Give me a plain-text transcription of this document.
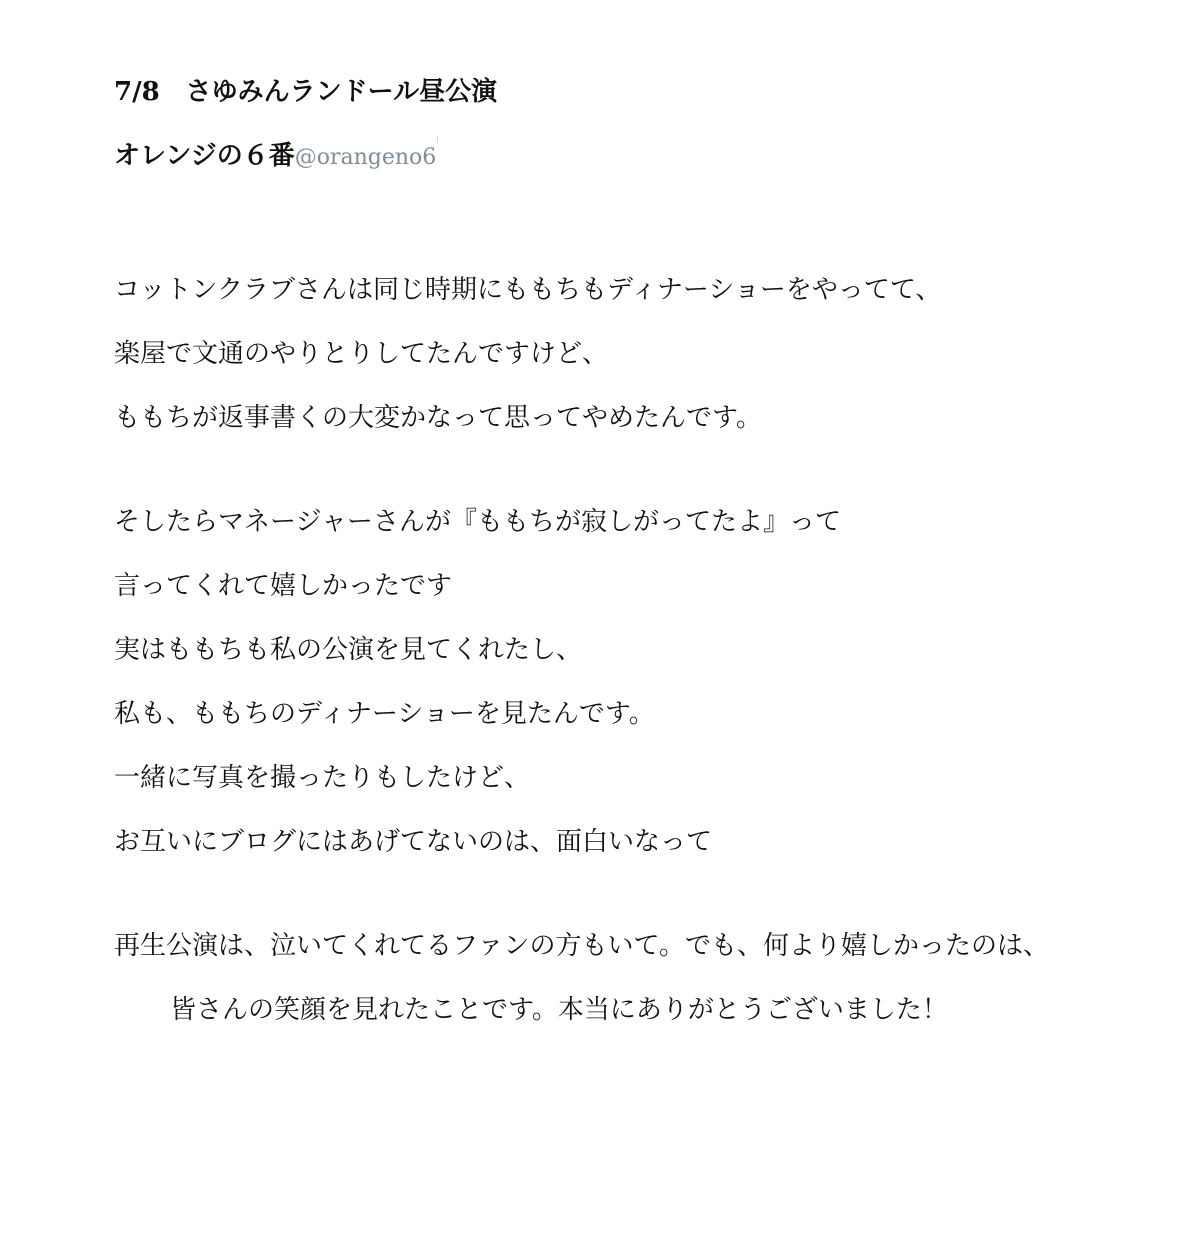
7/8　さゆみんランドール昼公演
オレンジの６番@orangeno6
コットンクラブさんは同じ時期にももちもディナーショーをやってて、
楽屋で文通のやりとりしてたんですけど、
ももちが返事書くの大変かなって思ってやめたんです。
そしたらマネージャーさんが『ももちが寂しがってたよ』って
言ってくれて嬉しかったです
実はももちも私の公演を見てくれたし、
私も、ももちのディナーショーを見たんです。
一緒に写真を撮ったりもしたけど、
お互いにブログにはあげてないのは、面白いなって
再生公演は、泣いてくれてるファンの方もいて。でも、何より嬉しかったのは、
皆さんの笑顔を見れたことです。本当にありがとうございました！
